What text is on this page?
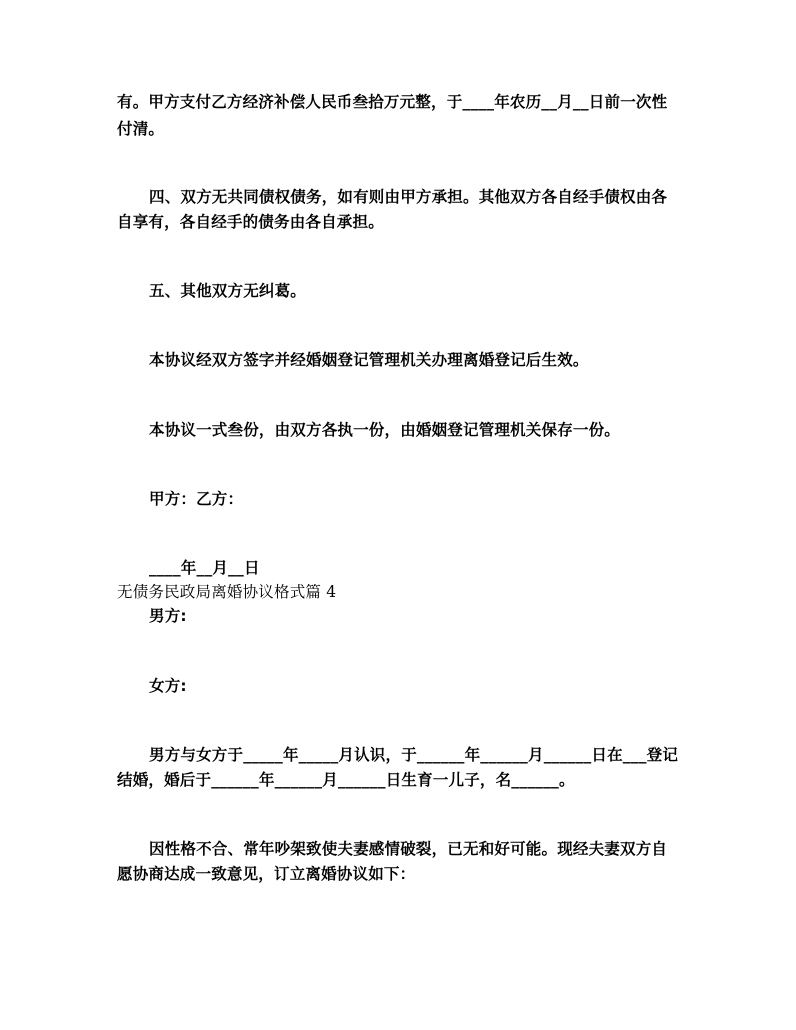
有。甲方支付乙方经济补偿人民币叁拾万元整，于____年农历__月__日前一次性
付清。
四、双方无共同债权债务，如有则由甲方承担。其他双方各自经手债权由各
自享有，各自经手的债务由各自承担。
五、其他双方无纠葛。
本协议经双方签字并经婚姻登记管理机关办理离婚登记后生效。
本协议一式叁份，由双方各执一份，由婚姻登记管理机关保存一份。
甲方：乙方：
____年__月__日
无债务民政局离婚协议格式篇 4
男方:
女方:
男方与女方于_____年_____月认识，于______年______月______日在___登记
结婚，婚后于______年______月______日生育一儿子，名______。
因性格不合、常年吵架致使夫妻感情破裂，已无和好可能。现经夫妻双方自
愿协商达成一致意见，订立离婚协议如下：
